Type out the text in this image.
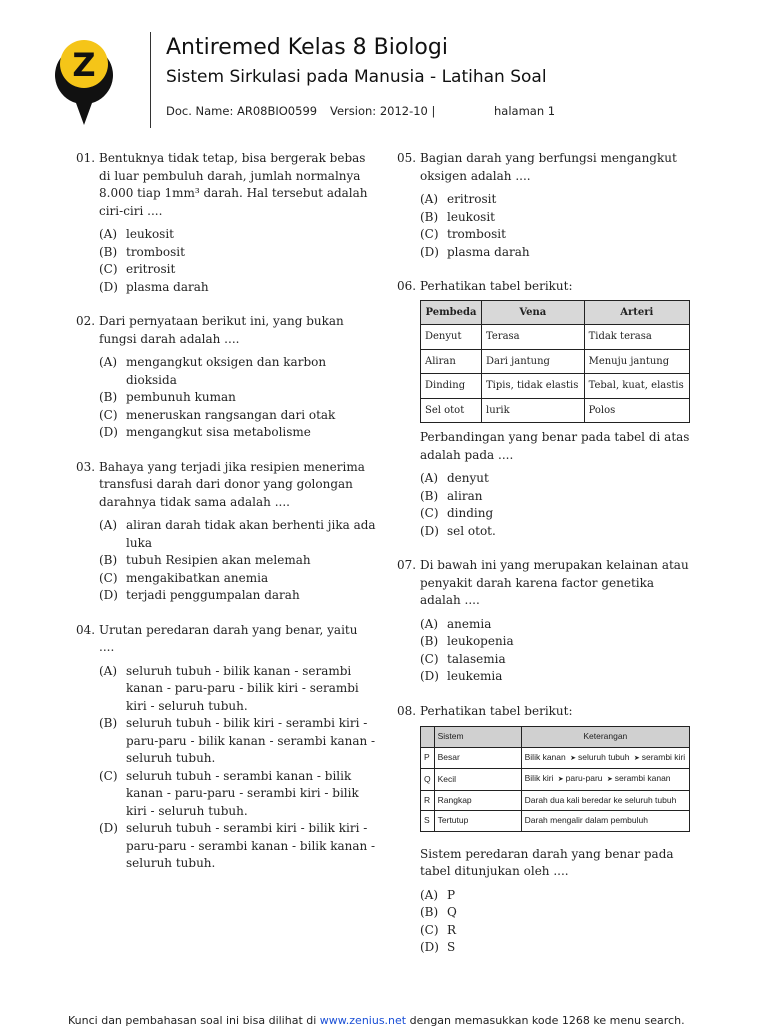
Z	Antiremed Kelas 8 Biologi
Sistem Sirkulasi pada Manusia - Latihan Soal
Doc. Name: AR08BIO0599 Version: 2012-10 |	halaman 1
01. Bentuknya tidak tetap, bisa bergerak bebas di luar pembuluh darah, jumlah normalnya 8.000 tiap 1mm³ darah. Hal tersebut adalah ciri-ciri ....
(A) leukosit
(B) trombosit
(C) eritrosit
(D) plasma darah
02. Dari pernyataan berikut ini, yang bukan fungsi darah adalah ....
(A) mengangkut oksigen dan karbon dioksida
(B) pembunuh kuman
(C) meneruskan rangsangan dari otak
(D) mengangkut sisa metabolisme
03. Bahaya yang terjadi jika resipien menerima transfusi darah dari donor yang golongan darahnya tidak sama adalah ....
(A) aliran darah tidak akan berhenti jika ada luka
(B) tubuh Resipien akan melemah
(C) mengakibatkan anemia
(D) terjadi penggumpalan darah
04. Urutan peredaran darah yang benar, yaitu ....
(A) seluruh tubuh - bilik kanan - serambi kanan - paru-paru - bilik kiri - serambi kiri - seluruh tubuh.
(B) seluruh tubuh - bilik kiri - serambi kiri - paru-paru - bilik kanan - serambi kanan - seluruh tubuh.
(C) seluruh tubuh - serambi kanan - bilik kanan - paru-paru - serambi kiri - bilik kiri - seluruh tubuh.
(D) seluruh tubuh - serambi kiri - bilik kiri - paru-paru - serambi kanan - bilik kanan - seluruh tubuh.
05. Bagian darah yang berfungsi mengangkut oksigen adalah ....
(A) eritrosit
(B) leukosit
(C) trombosit
(D) plasma darah
06. Perhatikan tabel berikut:
Pembeda	Vena	Arteri
Denyut	Terasa	Tidak terasa
Aliran	Dari jantung	Menuju jantung
Dinding	Tipis, tidak elastis	Tebal, kuat, elastis
Sel otot	lurik	Polos
Perbandingan yang benar pada tabel di atas adalah pada ....
(A) denyut
(B) aliran
(C) dinding
(D) sel otot.
07. Di bawah ini yang merupakan kelainan atau penyakit darah karena factor genetika adalah ....
(A) anemia
(B) leukopenia
(C) talasemia
(D) leukemia
08. Perhatikan tabel berikut:
	Sistem	Keterangan
P	Besar	Bilik kanan ➤ seluruh tubuh ➤ serambi kiri
Q	Kecil	Bilik kiri ➤ paru-paru ➤ serambi kanan
R	Rangkap	Darah dua kali beredar ke seluruh tubuh
S	Tertutup	Darah mengalir dalam pembuluh
Sistem peredaran darah yang benar pada tabel ditunjukan oleh ....
(A) P
(B) Q
(C) R
(D) S
Kunci dan pembahasan soal ini bisa dilihat di www.zenius.net dengan memasukkan kode 1268 ke menu search.
